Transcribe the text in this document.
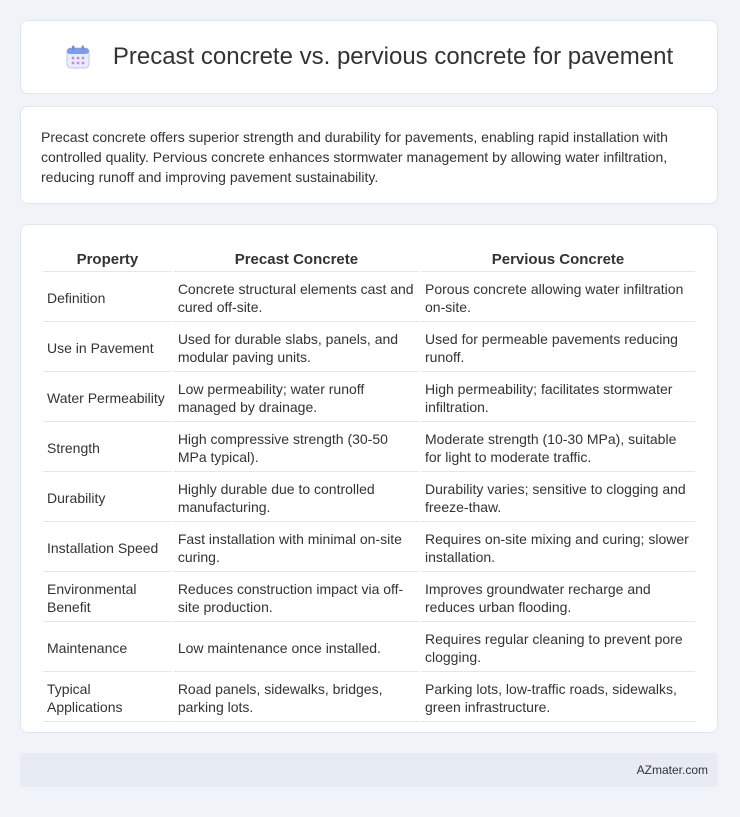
Precast concrete vs. pervious concrete for pavement

Precast concrete offers superior strength and durability for pavements, enabling rapid installation with controlled quality. Pervious concrete enhances stormwater management by allowing water infiltration, reducing runoff and improving pavement sustainability.

Property	Precast Concrete	Pervious Concrete
Definition	Concrete structural elements cast and cured off-site.	Porous concrete allowing water infiltration on-site.
Use in Pavement	Used for durable slabs, panels, and modular paving units.	Used for permeable pavements reducing runoff.
Water Permeability	Low permeability; water runoff managed by drainage.	High permeability; facilitates stormwater infiltration.
Strength	High compressive strength (30-50 MPa typical).	Moderate strength (10-30 MPa), suitable for light to moderate traffic.
Durability	Highly durable due to controlled manufacturing.	Durability varies; sensitive to clogging and freeze-thaw.
Installation Speed	Fast installation with minimal on-site curing.	Requires on-site mixing and curing; slower installation.
Environmental Benefit	Reduces construction impact via off-site production.	Improves groundwater recharge and reduces urban flooding.
Maintenance	Low maintenance once installed.	Requires regular cleaning to prevent pore clogging.
Typical Applications	Road panels, sidewalks, bridges, parking lots.	Parking lots, low-traffic roads, sidewalks, green infrastructure.
AZmater.com
